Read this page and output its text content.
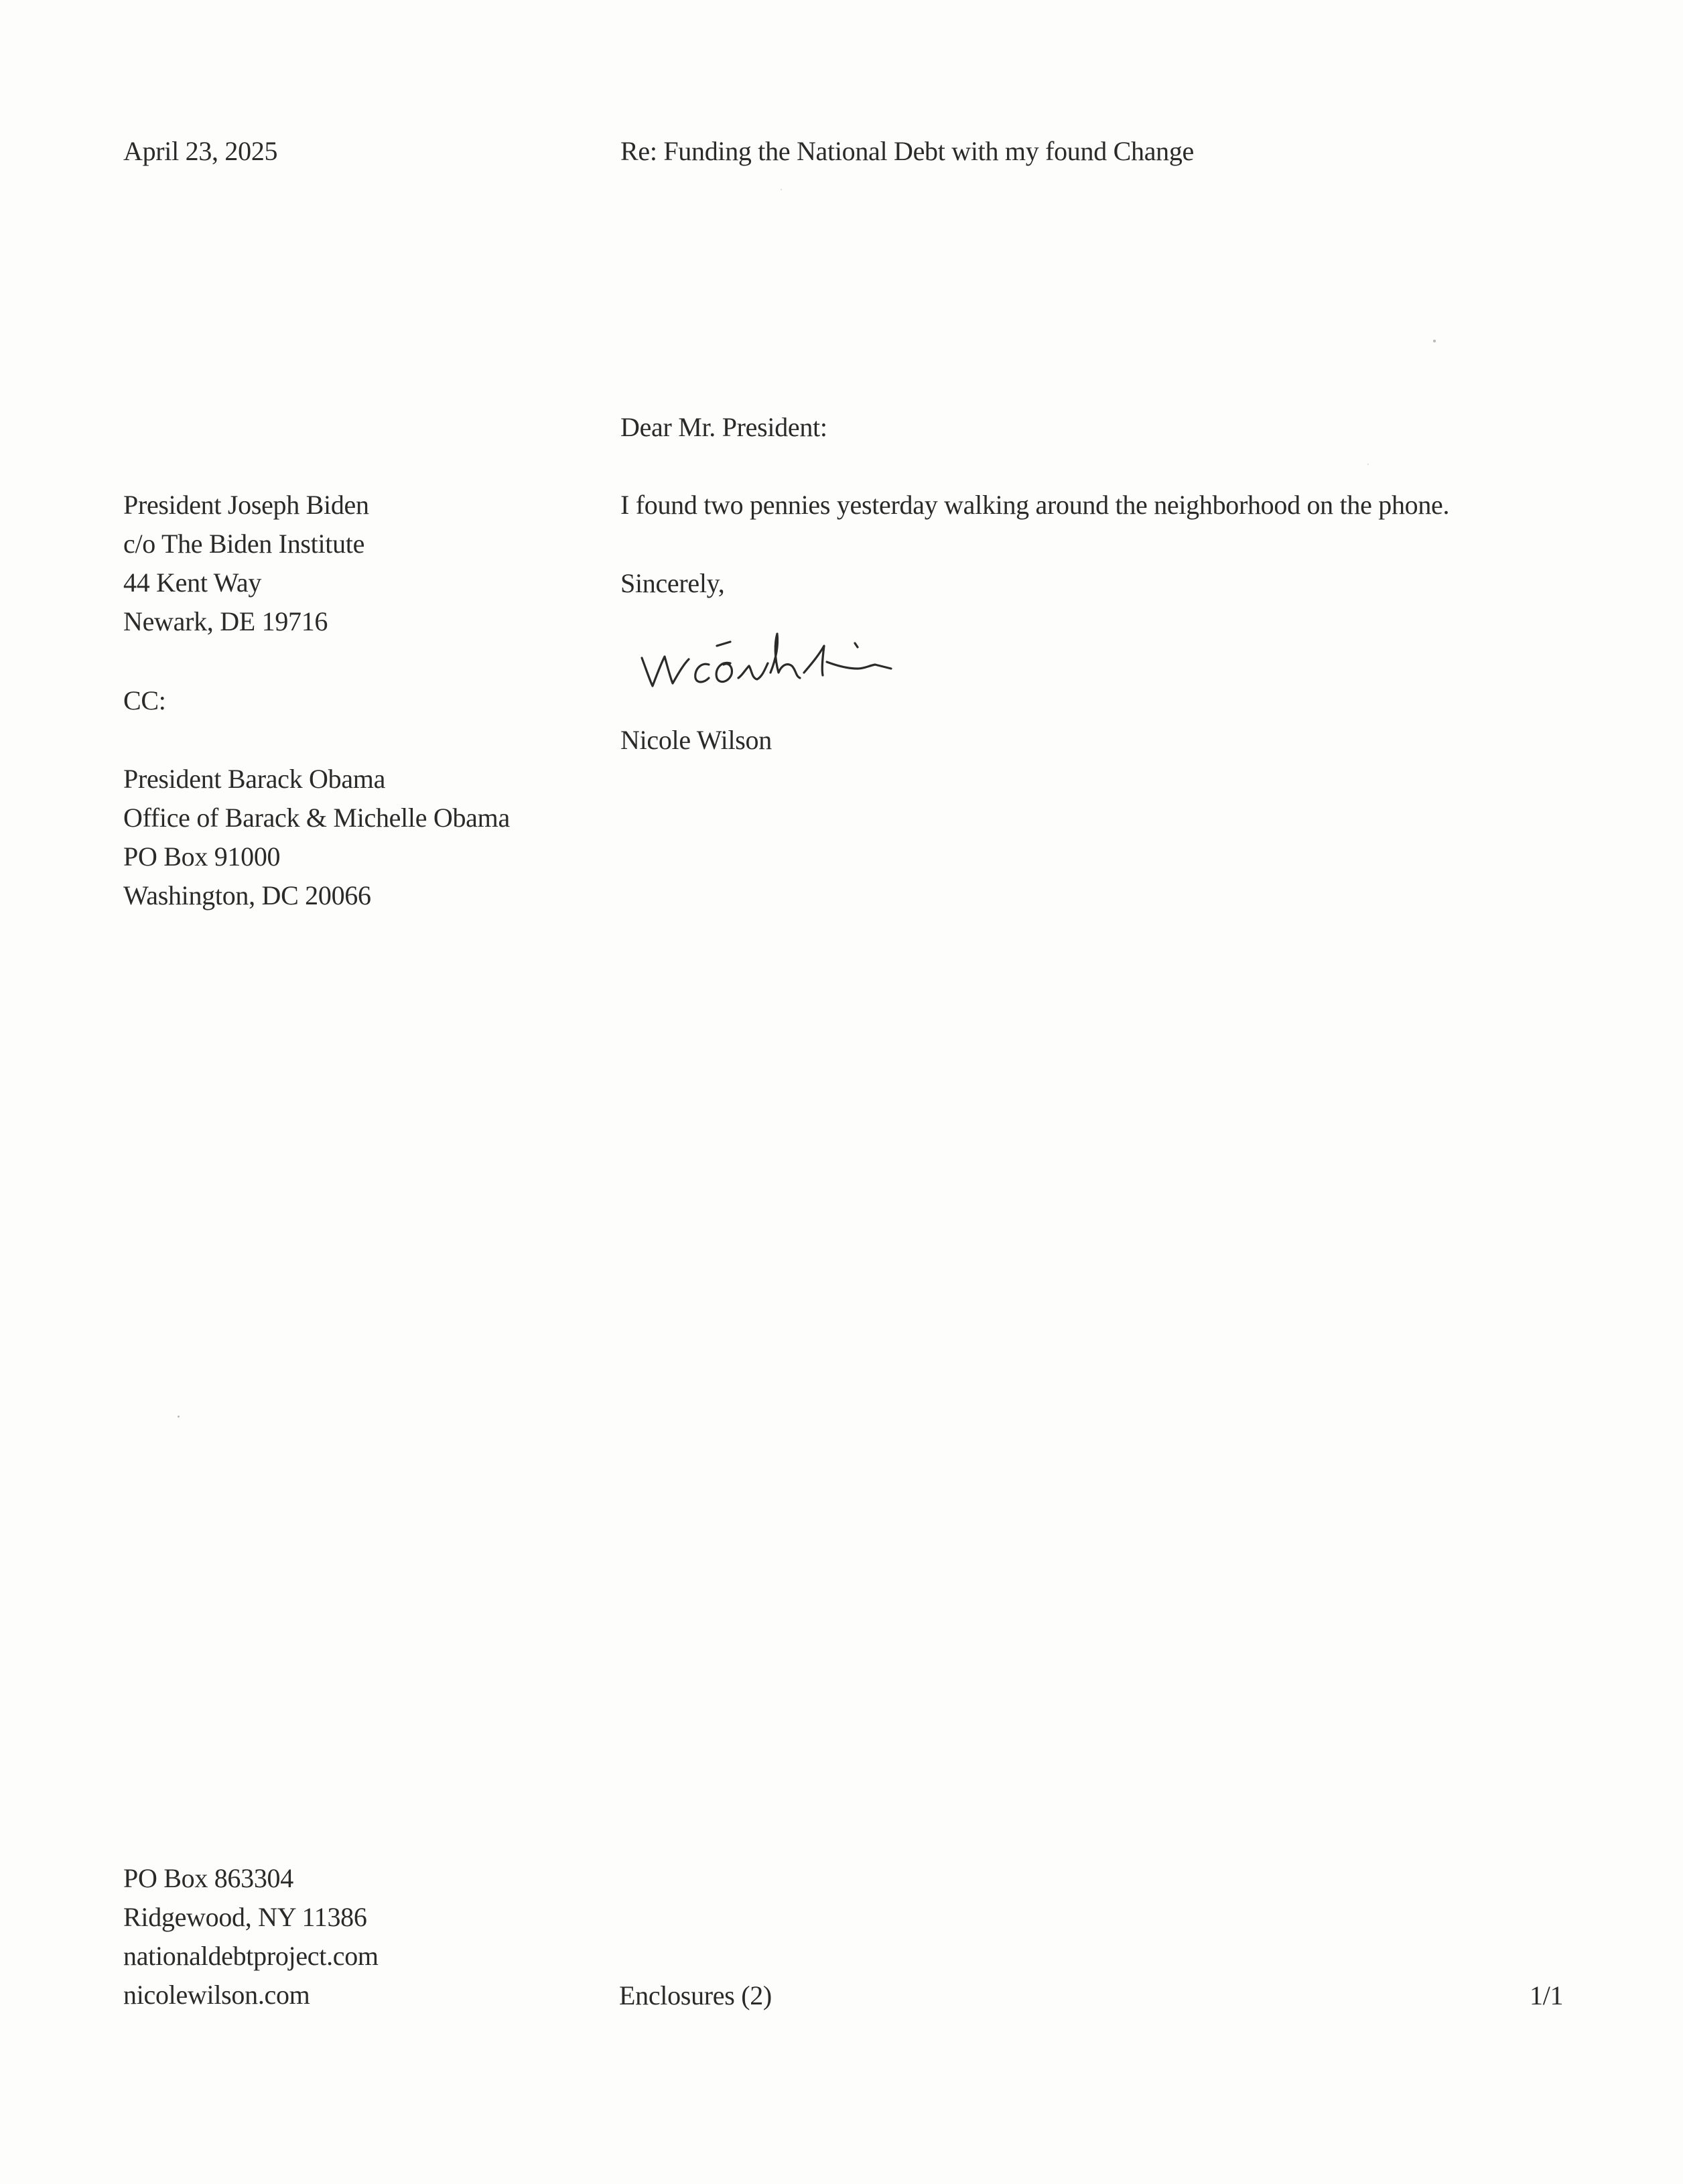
April 23, 2025	Re: Funding the National Debt with my found Change
Dear Mr. President:
President Joseph Biden
c/o The Biden Institute
44 Kent Way
Newark, DE 19716
I found two pennies yesterday walking around the neighborhood on the phone.
Sincerely,
Nicole Wilson
CC:
President Barack Obama
Office of Barack & Michelle Obama
PO Box 91000
Washington, DC 20066
PO Box 863304
Ridgewood, NY 11386
nationaldebtproject.com
nicolewilson.com	Enclosures (2)	1/1
